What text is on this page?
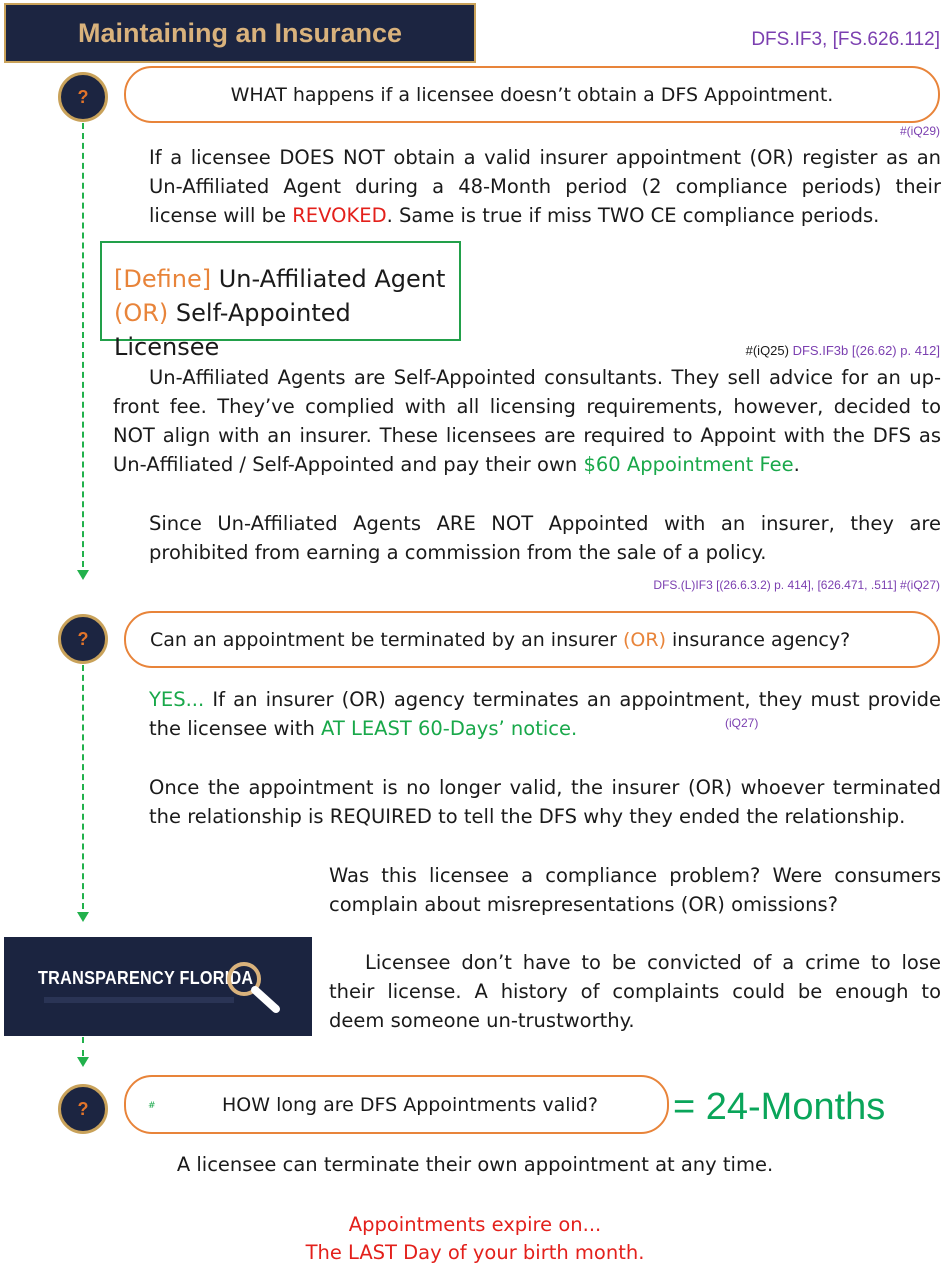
Maintaining an Insurance	DFS.IF3, [FS.626.112]
?	WHAT happens if a licensee doesn’t obtain a DFS Appointment.
#(iQ29)
If a licensee DOES NOT obtain a valid insurer appointment (OR) register as an Un-Affiliated Agent during a 48-Month period (2 compliance periods) their license will be REVOKED. Same is true if miss TWO CE compliance periods.
[Define] Un-Affiliated Agent
(OR) Self-Appointed Licensee	#(iQ25) DFS.IF3b [(26.62) p. 412]
Un-Affiliated Agents are Self-Appointed consultants. They sell advice for an up-front fee. They’ve complied with all licensing requirements, however, decided to NOT align with an insurer. These licensees are required to Appoint with the DFS as Un-Affiliated / Self-Appointed and pay their own $60 Appointment Fee.
Since Un-Affiliated Agents ARE NOT Appointed with an insurer, they are prohibited from earning a commission from the sale of a policy.
DFS.(L)IF3 [(26.6.3.2) p. 414], [626.471, .511] #(iQ27)
?	Can an appointment be terminated by an insurer (OR) insurance agency?
YES... If an insurer (OR) agency terminates an appointment, they must provide the licensee with AT LEAST 60-Days’ notice.	(iQ27)
Once the appointment is no longer valid, the insurer (OR) whoever terminated the relationship is REQUIRED to tell the DFS why they ended the relationship.
Was this licensee a compliance problem? Were consumers complain about misrepresentations (OR) omissions?
TRANSPARENCY FLORIDA
Licensee don’t have to be convicted of a crime to lose their license. A history of complaints could be enough to deem someone un-trustworthy.
?	#	HOW long are DFS Appointments valid? = 24-Months
A licensee can terminate their own appointment at any time.
Appointments expire on...
The LAST Day of your birth month.
